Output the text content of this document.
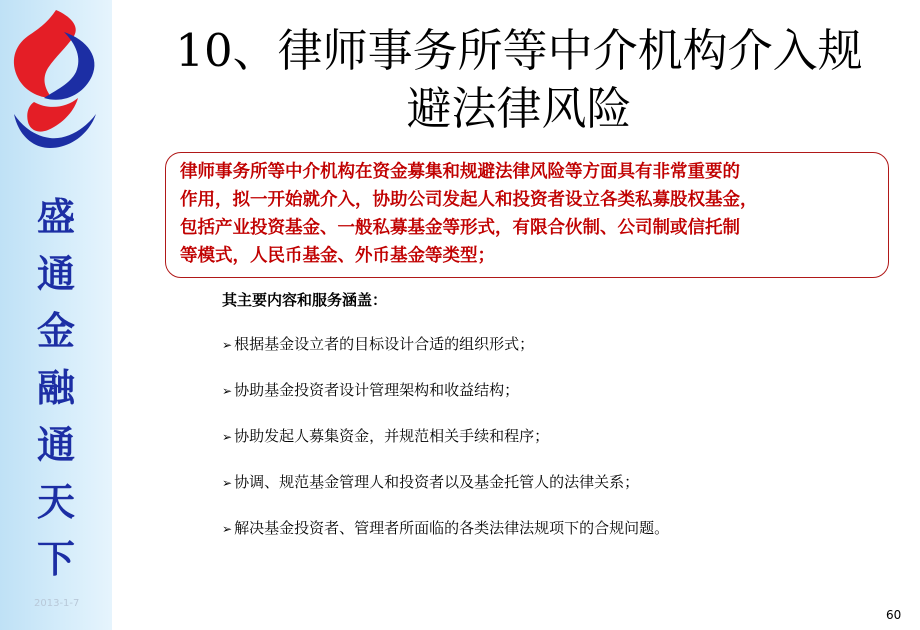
盛
通
金
融
通
天
下
2013-1-7
10、律师事务所等中介机构介入规
避法律风险
律师事务所等中介机构在资金募集和规避法律风险等方面具有非常重要的
作用，拟一开始就介入，协助公司发起人和投资者设立各类私募股权基金，
包括产业投资基金、一般私募基金等形式，有限合伙制、公司制或信托制
等模式，人民币基金、外币基金等类型；
其主要内容和服务涵盖：
➢ 根据基金设立者的目标设计合适的组织形式；
➢ 协助基金投资者设计管理架构和收益结构；
➢ 协助发起人募集资金，并规范相关手续和程序；
➢ 协调、规范基金管理人和投资者以及基金托管人的法律关系；
➢ 解决基金投资者、管理者所面临的各类法律法规项下的合规问题。
60
